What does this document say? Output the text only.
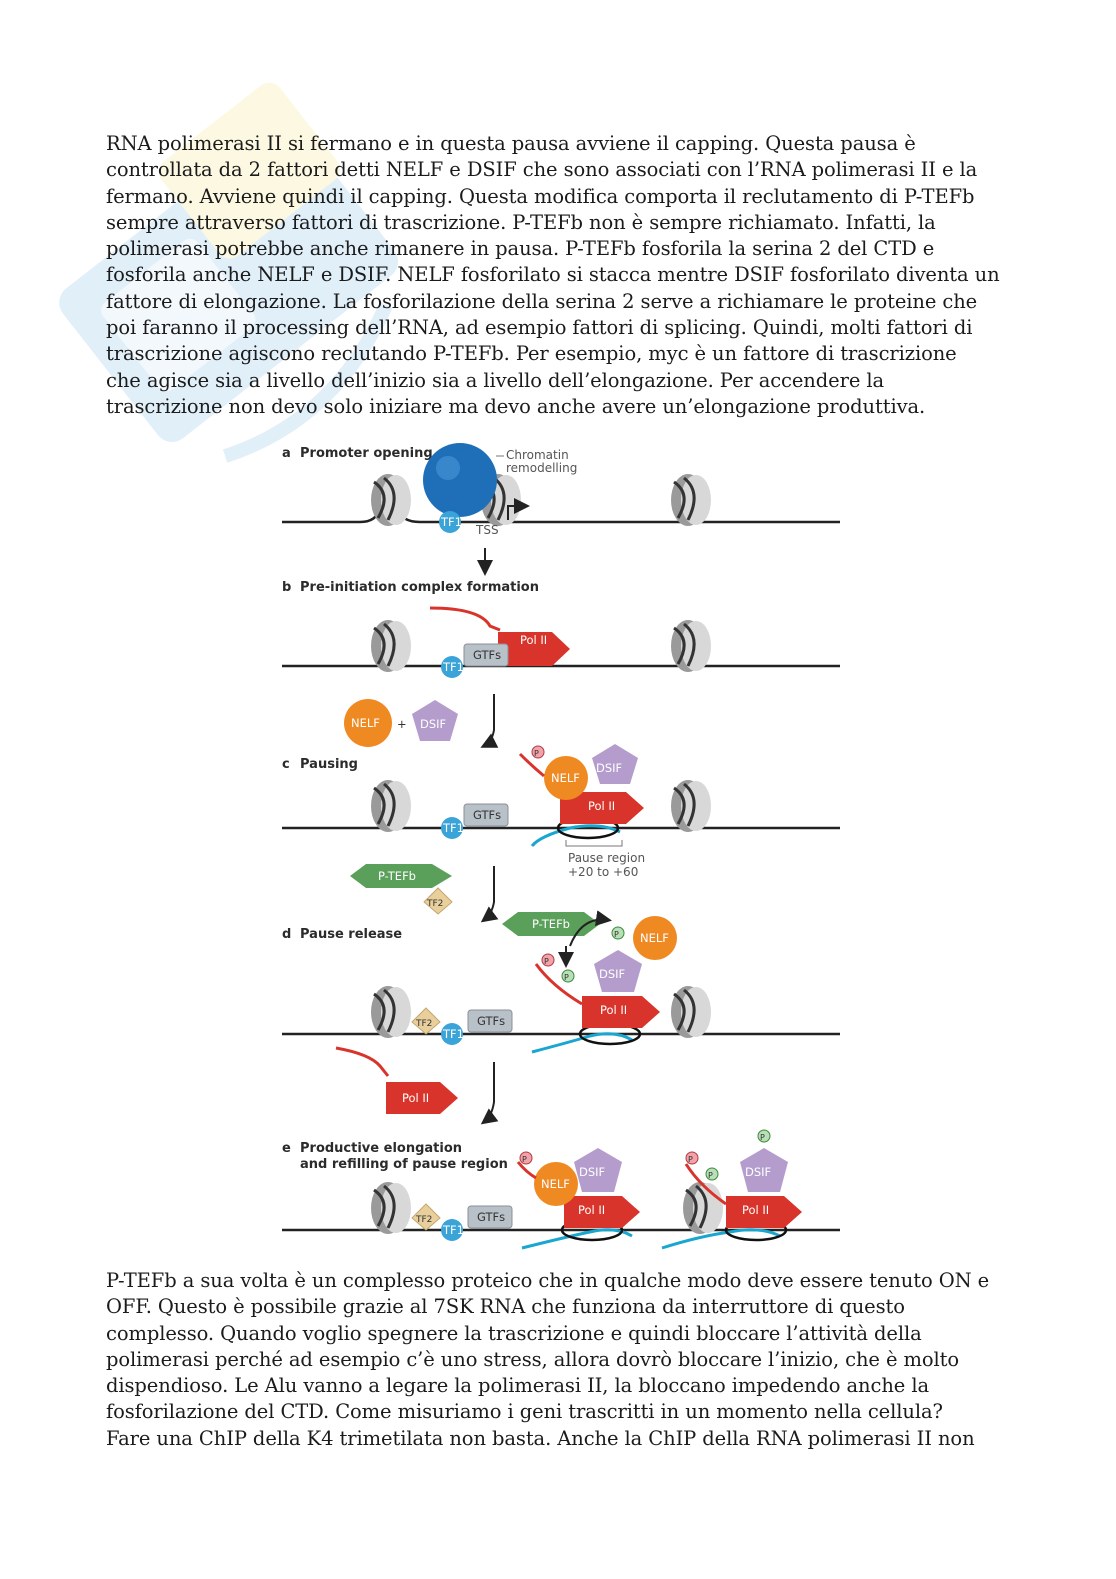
RNA polimerasi II si fermano e in questa pausa avviene il capping. Questa pausa è
controllata da 2 fattori detti NELF e DSIF che sono associati con l’RNA polimerasi II e la
fermano. Avviene quindi il capping. Questa modifica comporta il reclutamento di P-TEFb
sempre attraverso fattori di trascrizione. P-TEFb non è sempre richiamato. Infatti, la
polimerasi potrebbe anche rimanere in pausa. P-TEFb fosforila la serina 2 del CTD e
fosforila anche NELF e DSIF. NELF fosforilato si stacca mentre DSIF fosforilato diventa un
fattore di elongazione. La fosforilazione della serina 2 serve a richiamare le proteine che
poi faranno il processing dell’RNA, ad esempio fattori di splicing. Quindi, molti fattori di
trascrizione agiscono reclutando P-TEFb. Per esempio, myc è un fattore di trascrizione
che agisce sia a livello dell’inizio sia a livello dell’elongazione. Per accendere la
trascrizione non devo solo iniziare ma devo anche avere un’elongazione produttiva.
a Promoter opening	Chromatin
remodelling
TF1
TSS
b Pre-initiation complex formation
Pol II
GTFs
TF1
NELF + DSIF
c Pausing
GTFs
TF1
Pol II
DSIF
NELF
P
Pause region
+20 to +60
P-TEFb
TF2
d Pause release
P-TEFb
NELF
P
TF2	GTFs
TF1
Pol II
DSIF
P
P
Pol II
e Productive elongation
and refilling of pause region
TF2	GTFs
TF1
Pol II
DSIF
NELF
P
Pol II
DSIF
P
P
P
P-TEFb a sua volta è un complesso proteico che in qualche modo deve essere tenuto ON e
OFF. Questo è possibile grazie al 7SK RNA che funziona da interruttore di questo
complesso. Quando voglio spegnere la trascrizione e quindi bloccare l’attività della
polimerasi perché ad esempio c’è uno stress, allora dovrò bloccare l’inizio, che è molto
dispendioso. Le Alu vanno a legare la polimerasi II, la bloccano impedendo anche la
fosforilazione del CTD. Come misuriamo i geni trascritti in un momento nella cellula?
Fare una ChIP della K4 trimetilata non basta. Anche la ChIP della RNA polimerasi II non
